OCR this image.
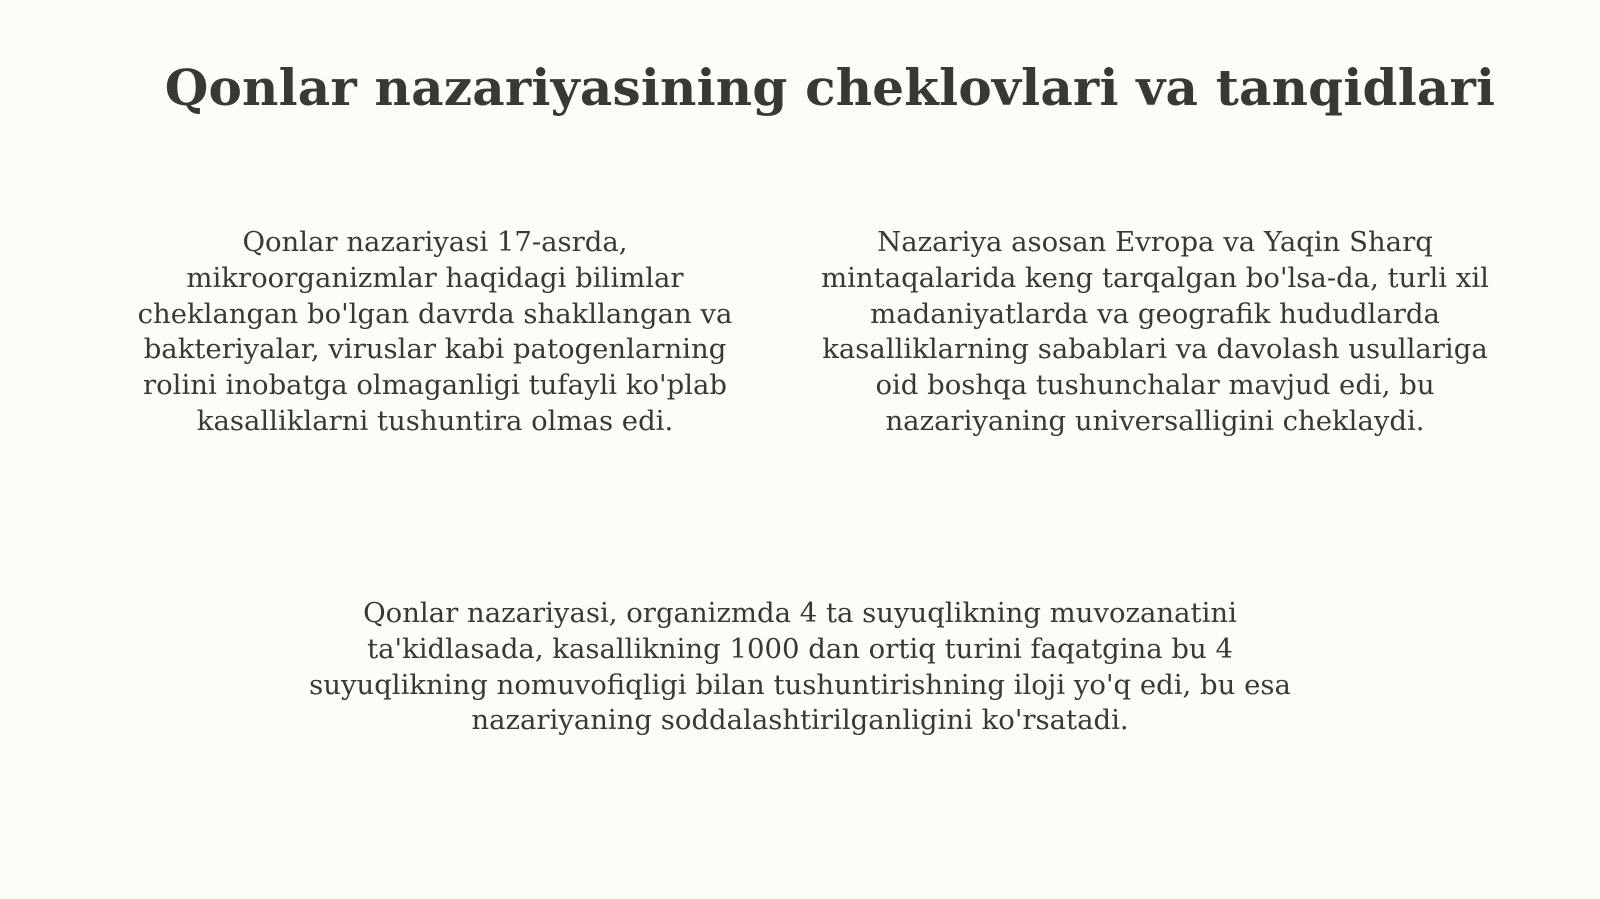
Qonlar nazariyasining cheklovlari va tanqidlari

Qonlar nazariyasi 17-asrda,
mikroorganizmlar haqidagi bilimlar
cheklangan bo'lgan davrda shakllangan va
bakteriyalar, viruslar kabi patogenlarning
rolini inobatga olmaganligi tufayli ko'plab
kasalliklarni tushuntira olmas edi.

Nazariya asosan Evropa va Yaqin Sharq
mintaqalarida keng tarqalgan bo'lsa-da, turli xil
madaniyatlarda va geografik hududlarda
kasalliklarning sabablari va davolash usullariga
oid boshqa tushunchalar mavjud edi, bu
nazariyaning universalligini cheklaydi.

Qonlar nazariyasi, organizmda 4 ta suyuqlikning muvozanatini
ta'kidlasada, kasallikning 1000 dan ortiq turini faqatgina bu 4
suyuqlikning nomuvofiqligi bilan tushuntirishning iloji yo'q edi, bu esa
nazariyaning soddalashtirilganligini ko'rsatadi.
